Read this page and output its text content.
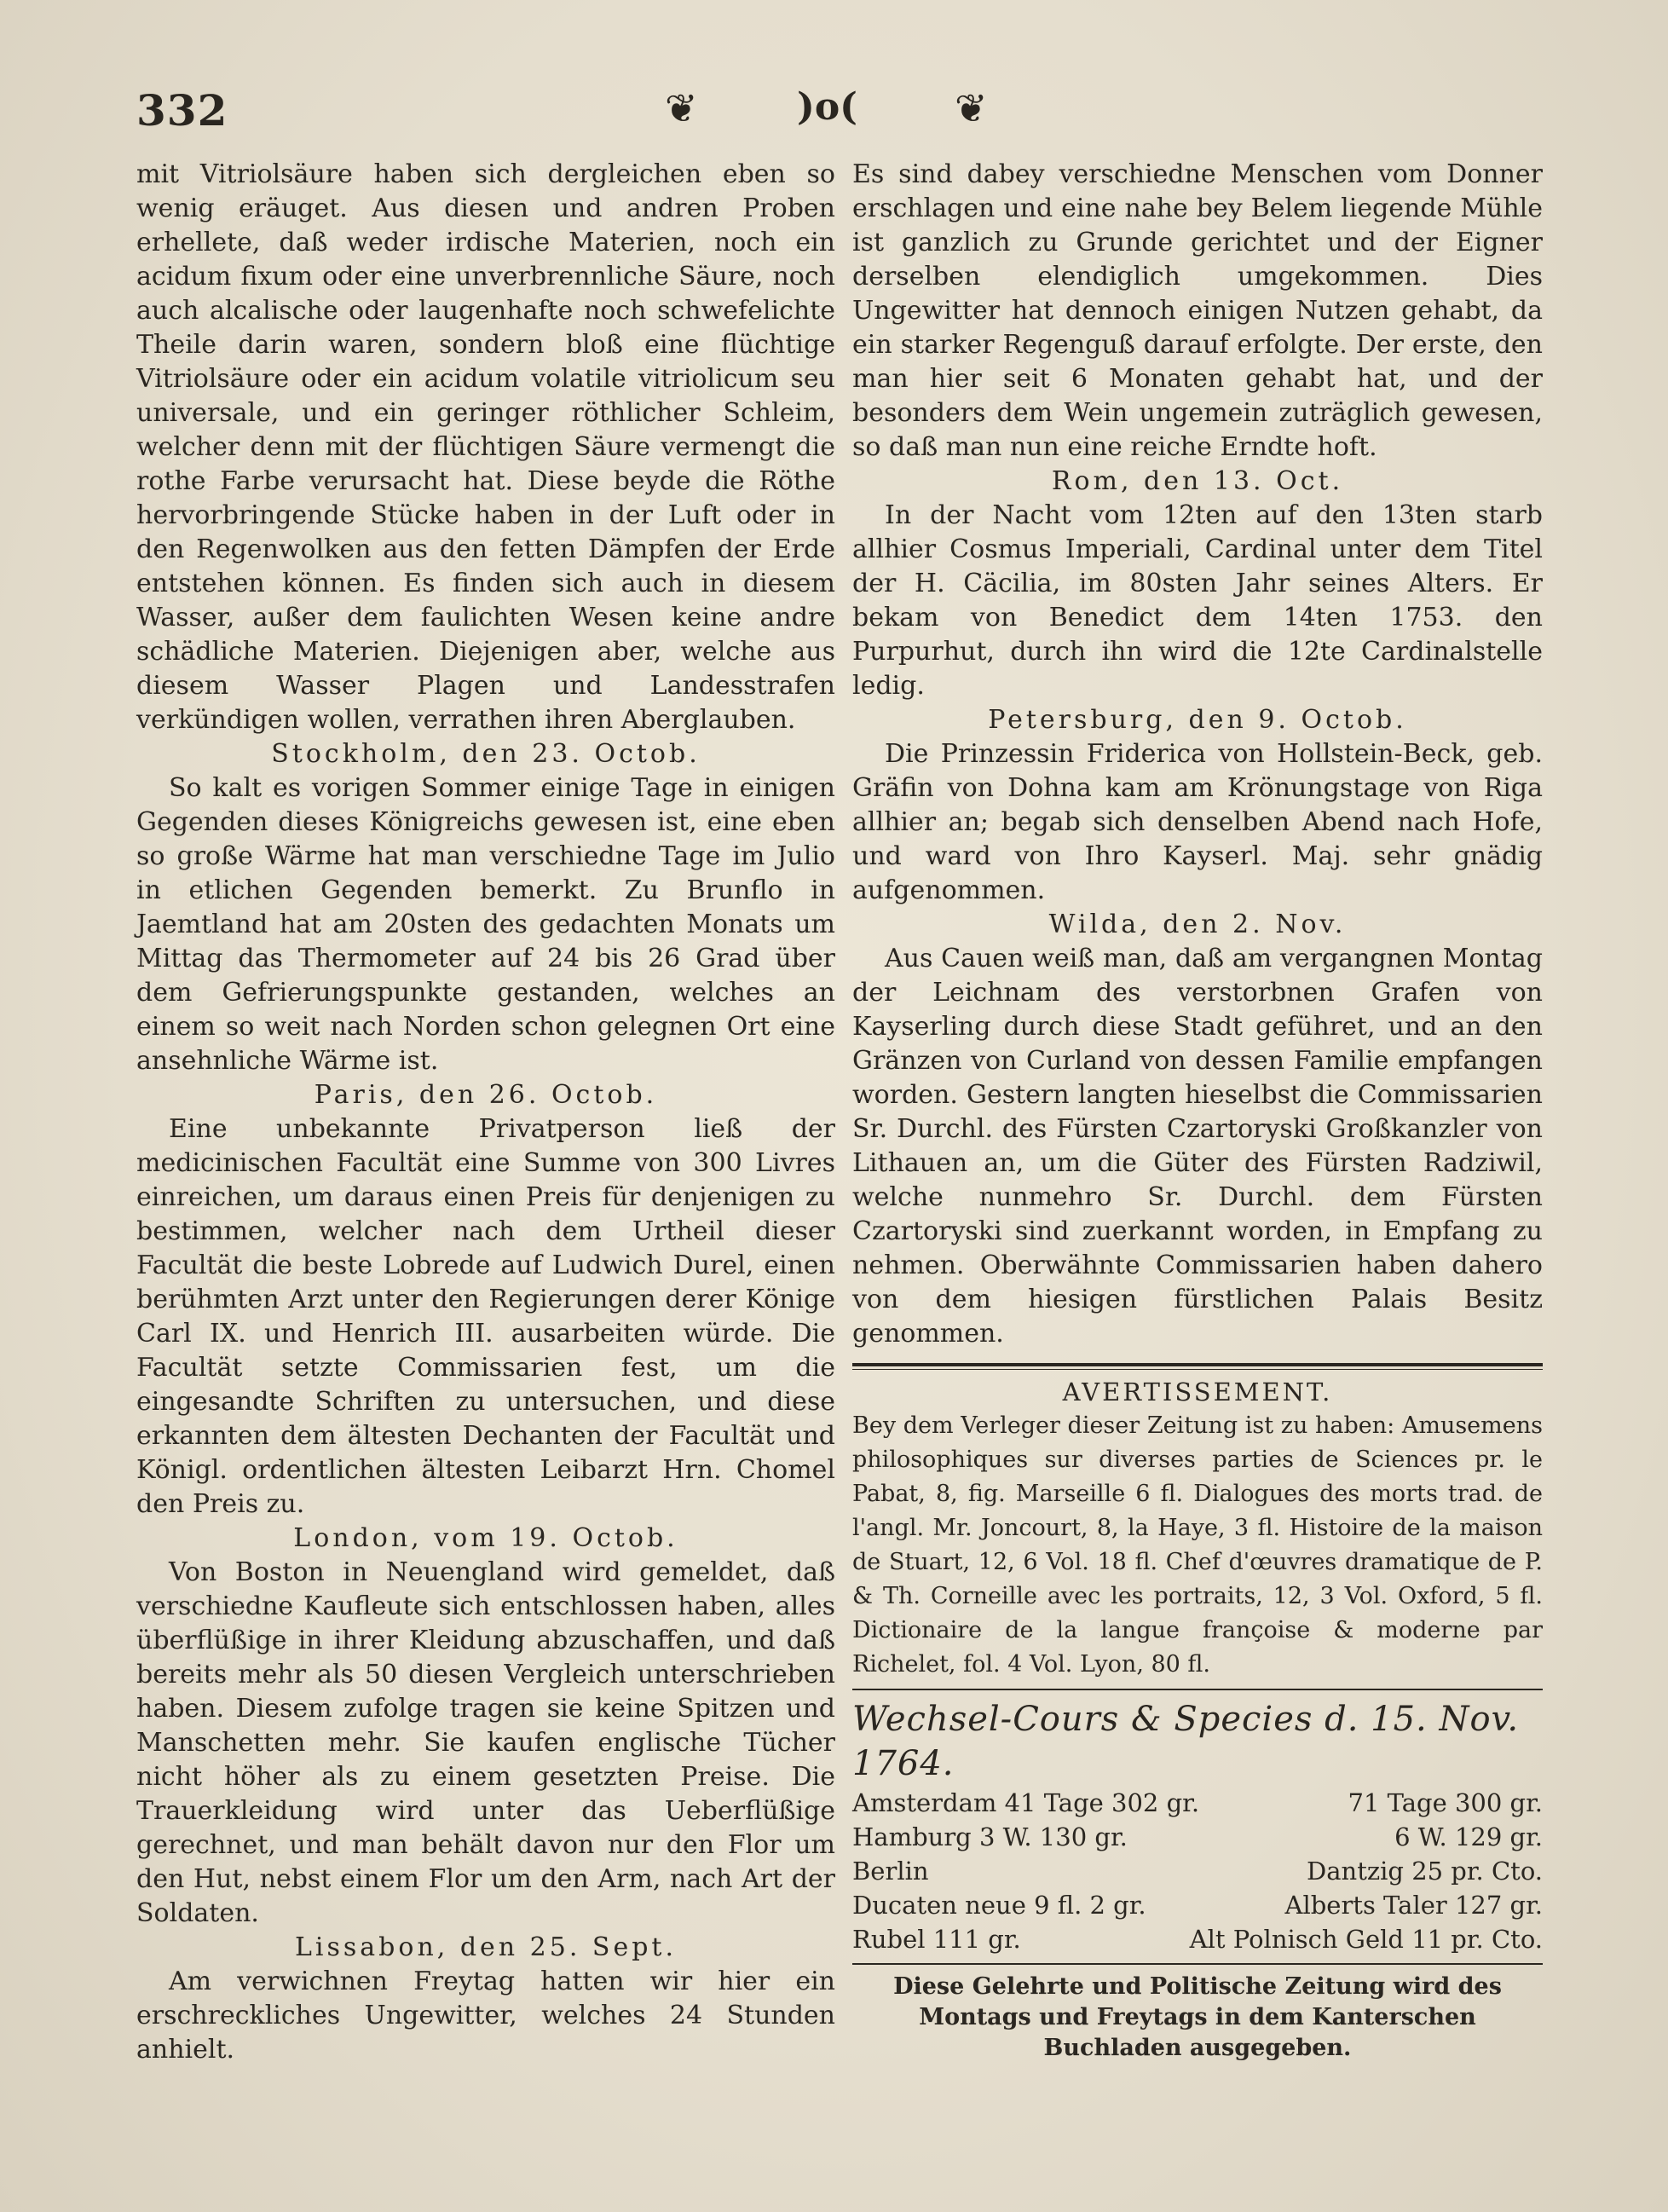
332	❦	)o( ❦

mit Vitriolsäure haben sich dergleichen eben so wenig eräuget. Aus diesen und andren Proben erhellete, daß weder irdische Materien, noch ein acidum fixum oder eine unverbrennliche Säure, noch auch alcalische oder laugenhafte noch schwefelichte Theile darin waren, sondern bloß eine flüchtige Vitriolsäure oder ein acidum volatile vitriolicum seu universale, und ein geringer röthlicher Schleim, welcher denn mit der flüchtigen Säure vermengt die rothe Farbe verursacht hat. Diese beyde die Röthe hervorbringende Stücke haben in der Luft oder in den Regenwolken aus den fetten Dämpfen der Erde entstehen können. Es finden sich auch in diesem Wasser, außer dem faulichten Wesen keine andre schädliche Materien. Diejenigen aber, welche aus diesem Wasser Plagen und Landesstrafen verkündigen wollen, verrathen ihren Aberglauben.

Stockholm, den 23. Octob.

So kalt es vorigen Sommer einige Tage in einigen Gegenden dieses Königreichs gewesen ist, eine eben so große Wärme hat man verschiedne Tage im Julio in etlichen Gegenden bemerkt. Zu Brunflo in Jaemtland hat am 20sten des gedachten Monats um Mittag das Thermometer auf 24 bis 26 Grad über dem Gefrierungspunkte gestanden, welches an einem so weit nach Norden schon gelegnen Ort eine ansehnliche Wärme ist.

Paris, den 26. Octob.

Eine unbekannte Privatperson ließ der medicinischen Facultät eine Summe von 300 Livres einreichen, um daraus einen Preis für denjenigen zu bestimmen, welcher nach dem Urtheil dieser Facultät die beste Lobrede auf Ludwich Durel, einen berühmten Arzt unter den Regierungen derer Könige Carl IX. und Henrich III. ausarbeiten würde. Die Facultät setzte Commissarien fest, um die eingesandte Schriften zu untersuchen, und diese erkannten dem ältesten Dechanten der Facultät und Königl. ordentlichen ältesten Leibarzt Hrn. Chomel den Preis zu.

London, vom 19. Octob.

Von Boston in Neuengland wird gemeldet, daß verschiedne Kaufleute sich entschlossen haben, alles überflüßige in ihrer Kleidung abzuschaffen, und daß bereits mehr als 50 diesen Vergleich unterschrieben haben. Diesem zufolge tragen sie keine Spitzen und Manschetten mehr. Sie kaufen englische Tücher nicht höher als zu einem gesetzten Preise. Die Trauerkleidung wird unter das Ueberflüßige gerechnet, und man behält davon nur den Flor um den Hut, nebst einem Flor um den Arm, nach Art der Soldaten.

Lissabon, den 25. Sept.

Am verwichnen Freytag hatten wir hier ein erschreckliches Ungewitter, welches 24 Stunden anhielt.

Es sind dabey verschiedne Menschen vom Donner erschlagen und eine nahe bey Belem liegende Mühle ist ganzlich zu Grunde gerichtet und der Eigner derselben elendiglich umgekommen. Dies Ungewitter hat dennoch einigen Nutzen gehabt, da ein starker Regenguß darauf erfolgte. Der erste, den man hier seit 6 Monaten gehabt hat, und der besonders dem Wein ungemein zuträglich gewesen, so daß man nun eine reiche Erndte hoft.

Rom, den 13. Oct.

In der Nacht vom 12ten auf den 13ten starb allhier Cosmus Imperiali, Cardinal unter dem Titel der H. Cäcilia, im 80sten Jahr seines Alters. Er bekam von Benedict dem 14ten 1753. den Purpurhut, durch ihn wird die 12te Cardinalstelle ledig.

Petersburg, den 9. Octob.

Die Prinzessin Friderica von Hollstein-Beck, geb. Gräfin von Dohna kam am Krönungstage von Riga allhier an; begab sich denselben Abend nach Hofe, und ward von Ihro Kayserl. Maj. sehr gnädig aufgenommen.

Wilda, den 2. Nov.

Aus Cauen weiß man, daß am vergangnen Montag der Leichnam des verstorbnen Grafen von Kayserling durch diese Stadt geführet, und an den Gränzen von Curland von dessen Familie empfangen worden. Gestern langten hieselbst die Commissarien Sr. Durchl. des Fürsten Czartoryski Großkanzler von Lithauen an, um die Güter des Fürsten Radziwil, welche nunmehro Sr. Durchl. dem Fürsten Czartoryski sind zuerkannt worden, in Empfang zu nehmen. Oberwähnte Commissarien haben dahero von dem hiesigen fürstlichen Palais Besitz genommen.

AVERTISSEMENT.

Bey dem Verleger dieser Zeitung ist zu haben: Amusemens philosophiques sur diverses parties de Sciences pr. le Pabat, 8, fig. Marseille 6 fl. Dialogues des morts trad. de l'angl. Mr. Joncourt, 8, la Haye, 3 fl. Histoire de la maison de Stuart, 12, 6 Vol. 18 fl. Chef d'œuvres dramatique de P. & Th. Corneille avec les portraits, 12, 3 Vol. Oxford, 5 fl. Dictionaire de la langue françoise & moderne par Richelet, fol. 4 Vol. Lyon, 80 fl.

Wechsel-Cours & Species d. 15. Nov. 1764.

Amsterdam 41 Tage 302 gr.	71 Tage 300 gr.
Hamburg 3 W. 130 gr.	6 W. 129 gr.
Berlin	Dantzig 25 pr. Cto.
Ducaten neue 9 fl. 2 gr.	Alberts Taler 127 gr.
Rubel 111 gr.	Alt Polnisch Geld 11 pr. Cto.

Diese Gelehrte und Politische Zeitung wird des Montags und Freytags in dem Kanterschen Buchladen ausgegeben.
